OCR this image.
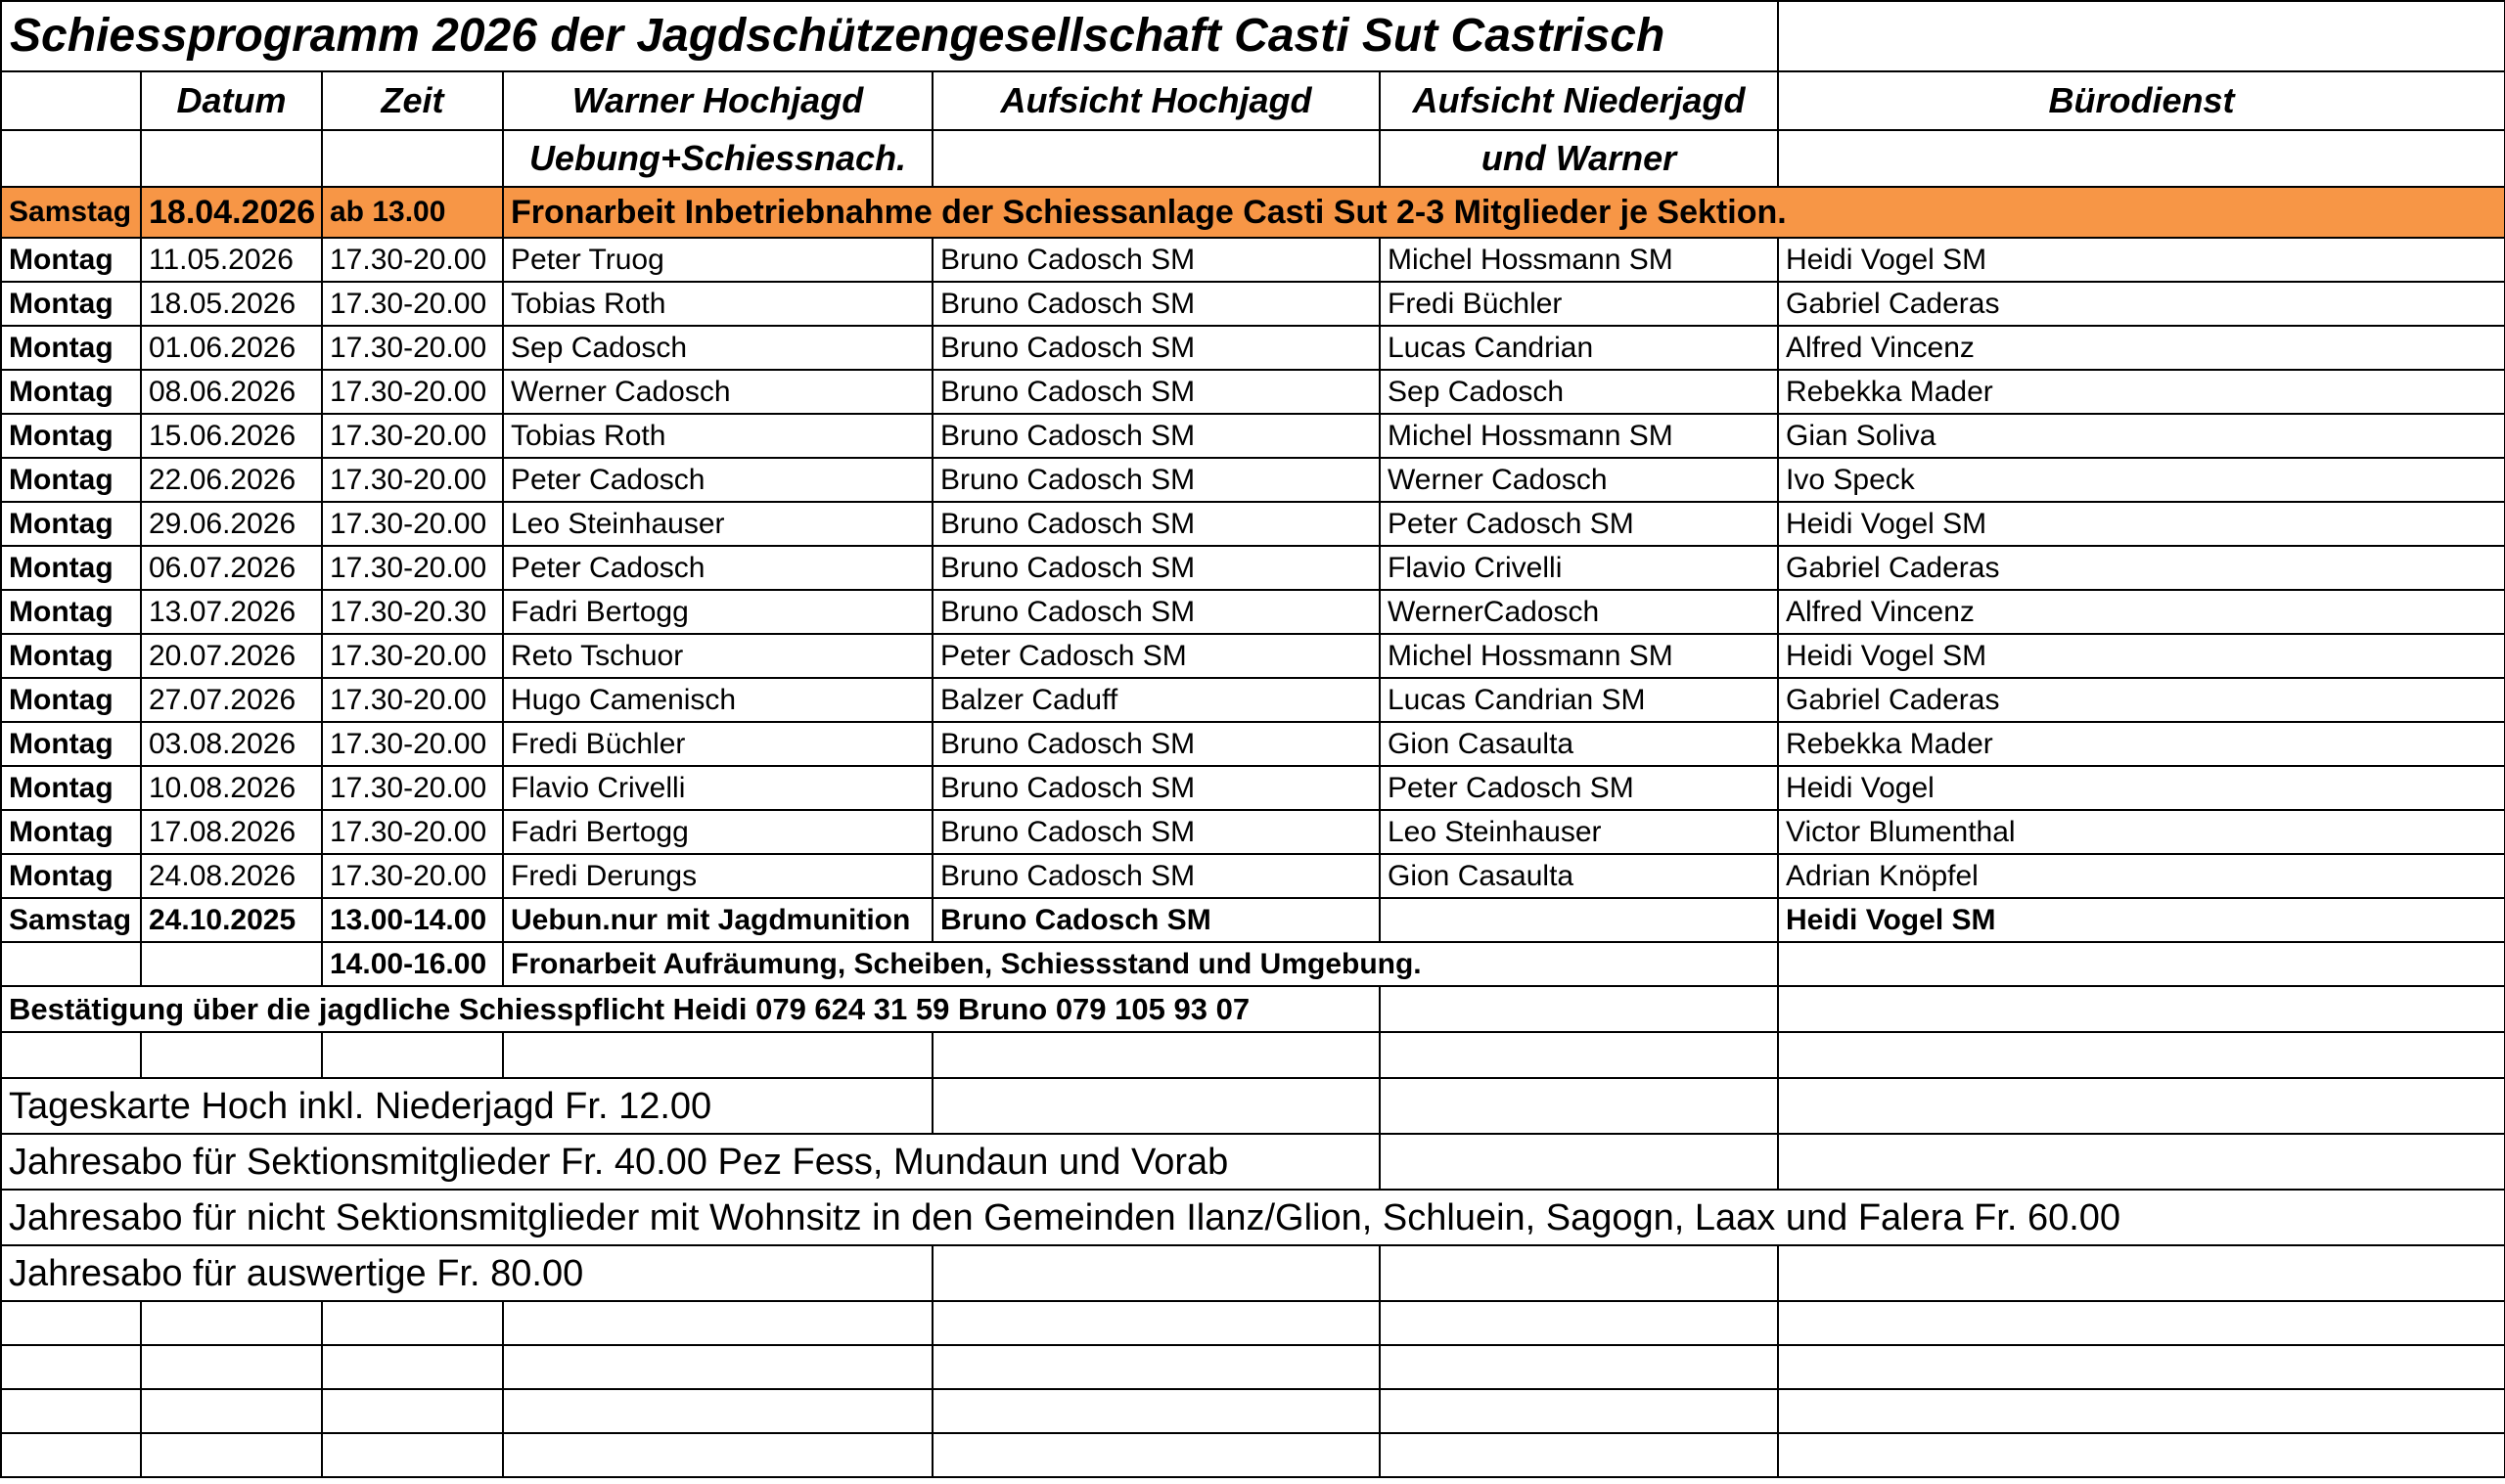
Schiessprogramm 2026 der Jagdschützengesellschaft Casti Sut Castrisch						
	Datum	Zeit	Warner Hochjagd	Aufsicht Hochjagd	Aufsicht Niederjagd	Bürodienst
			Uebung+Schiessnach.		und Warner	
Samstag	18.04.2026	ab 13.00	Fronarbeit Inbetriebnahme der Schiessanlage Casti Sut 2-3 Mitglieder je Sektion.			
Montag	11.05.2026	17.30-20.00	Peter Truog	Bruno Cadosch SM	Michel Hossmann SM	Heidi Vogel SM
Montag	18.05.2026	17.30-20.00	Tobias Roth	Bruno Cadosch SM	Fredi Büchler	Gabriel Caderas
Montag	01.06.2026	17.30-20.00	Sep Cadosch	Bruno Cadosch SM	Lucas Candrian	Alfred Vincenz
Montag	08.06.2026	17.30-20.00	Werner Cadosch	Bruno Cadosch SM	Sep Cadosch	Rebekka Mader
Montag	15.06.2026	17.30-20.00	Tobias Roth	Bruno Cadosch SM	Michel Hossmann SM	Gian Soliva
Montag	22.06.2026	17.30-20.00	Peter Cadosch	Bruno Cadosch SM	Werner Cadosch	Ivo Speck
Montag	29.06.2026	17.30-20.00	Leo Steinhauser	Bruno Cadosch SM	Peter Cadosch SM	Heidi Vogel SM
Montag	06.07.2026	17.30-20.00	Peter Cadosch	Bruno Cadosch SM	Flavio Crivelli	Gabriel Caderas
Montag	13.07.2026	17.30-20.30	Fadri Bertogg	Bruno Cadosch SM	WernerCadosch	Alfred Vincenz
Montag	20.07.2026	17.30-20.00	Reto Tschuor	Peter Cadosch SM	Michel Hossmann SM	Heidi Vogel SM
Montag	27.07.2026	17.30-20.00	Hugo Camenisch	Balzer Caduff	Lucas Candrian SM	Gabriel Caderas
Montag	03.08.2026	17.30-20.00	Fredi Büchler	Bruno Cadosch SM	Gion Casaulta	Rebekka Mader
Montag	10.08.2026	17.30-20.00	Flavio Crivelli	Bruno Cadosch SM	Peter Cadosch SM	Heidi Vogel
Montag	17.08.2026	17.30-20.00	Fadri Bertogg	Bruno Cadosch SM	Leo Steinhauser	Victor Blumenthal
Montag	24.08.2026	17.30-20.00	Fredi Derungs	Bruno Cadosch SM	Gion Casaulta	Adrian Knöpfel
Samstag	24.10.2025	13.00-14.00	Uebun.nur mit Jagdmunition	Bruno Cadosch SM		Heidi Vogel SM
		14.00-16.00	Fronarbeit Aufräumung, Scheiben, Schiessstand und Umgebung.			
Bestätigung über die jagdliche Schiesspflicht Heidi 079 624 31 59 Bruno 079 105 93 07						

Tageskarte Hoch inkl. Niederjagd Fr. 12.00						
Jahresabo für Sektionsmitglieder Fr. 40.00 Pez Fess, Mundaun und Vorab						
Jahresabo für nicht Sektionsmitglieder mit Wohnsitz in den Gemeinden Ilanz/Glion, Schluein, Sagogn, Laax und Falera Fr. 60.00						
Jahresabo für auswertige Fr. 80.00						
